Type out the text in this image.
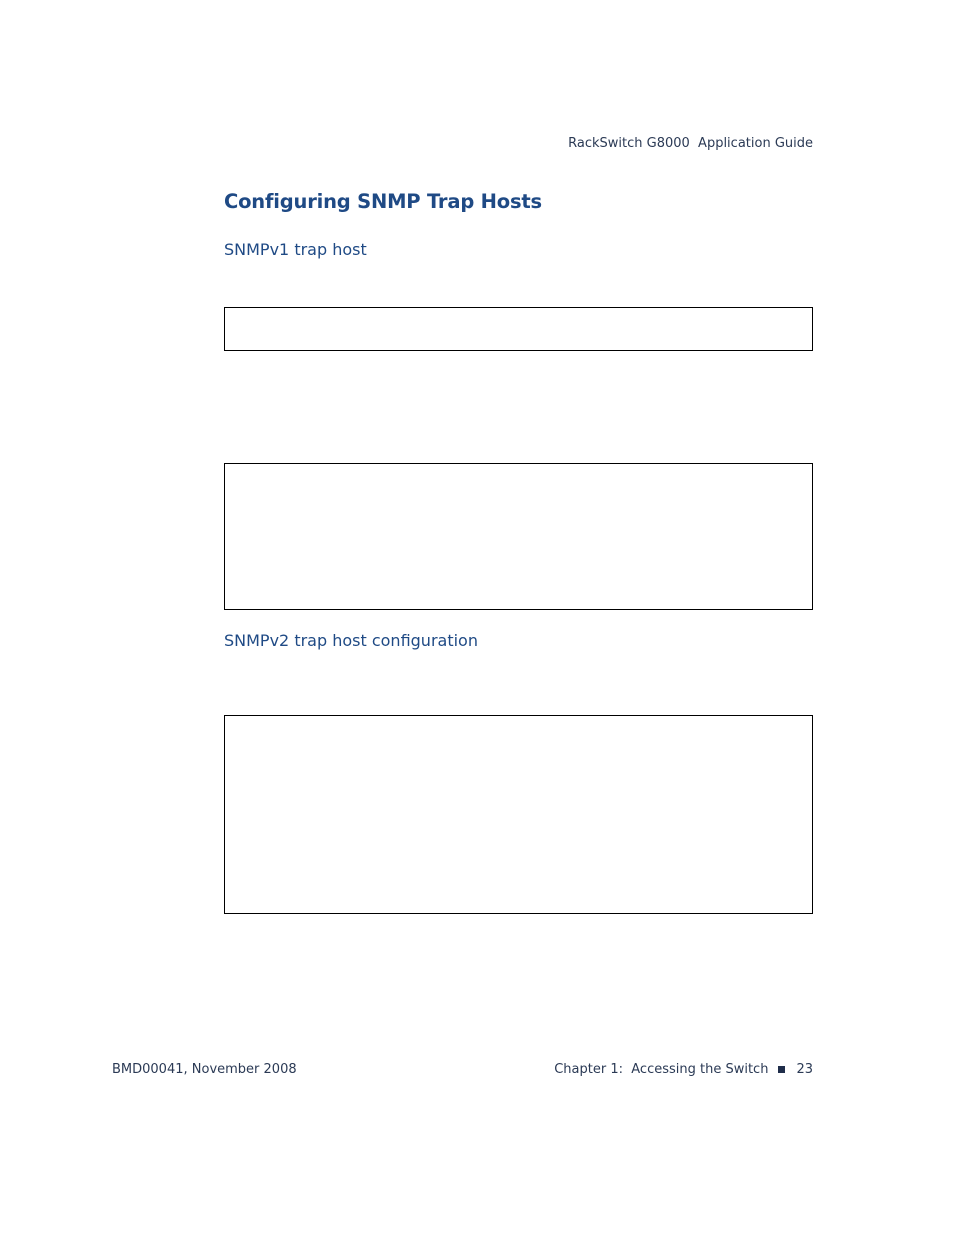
RackSwitch G8000  Application Guide
Configuring SNMP Trap Hosts
SNMPv1 trap host
SNMPv2 trap host configuration
BMD00041, November 2008	Chapter 1:  Accessing the Switch 23
